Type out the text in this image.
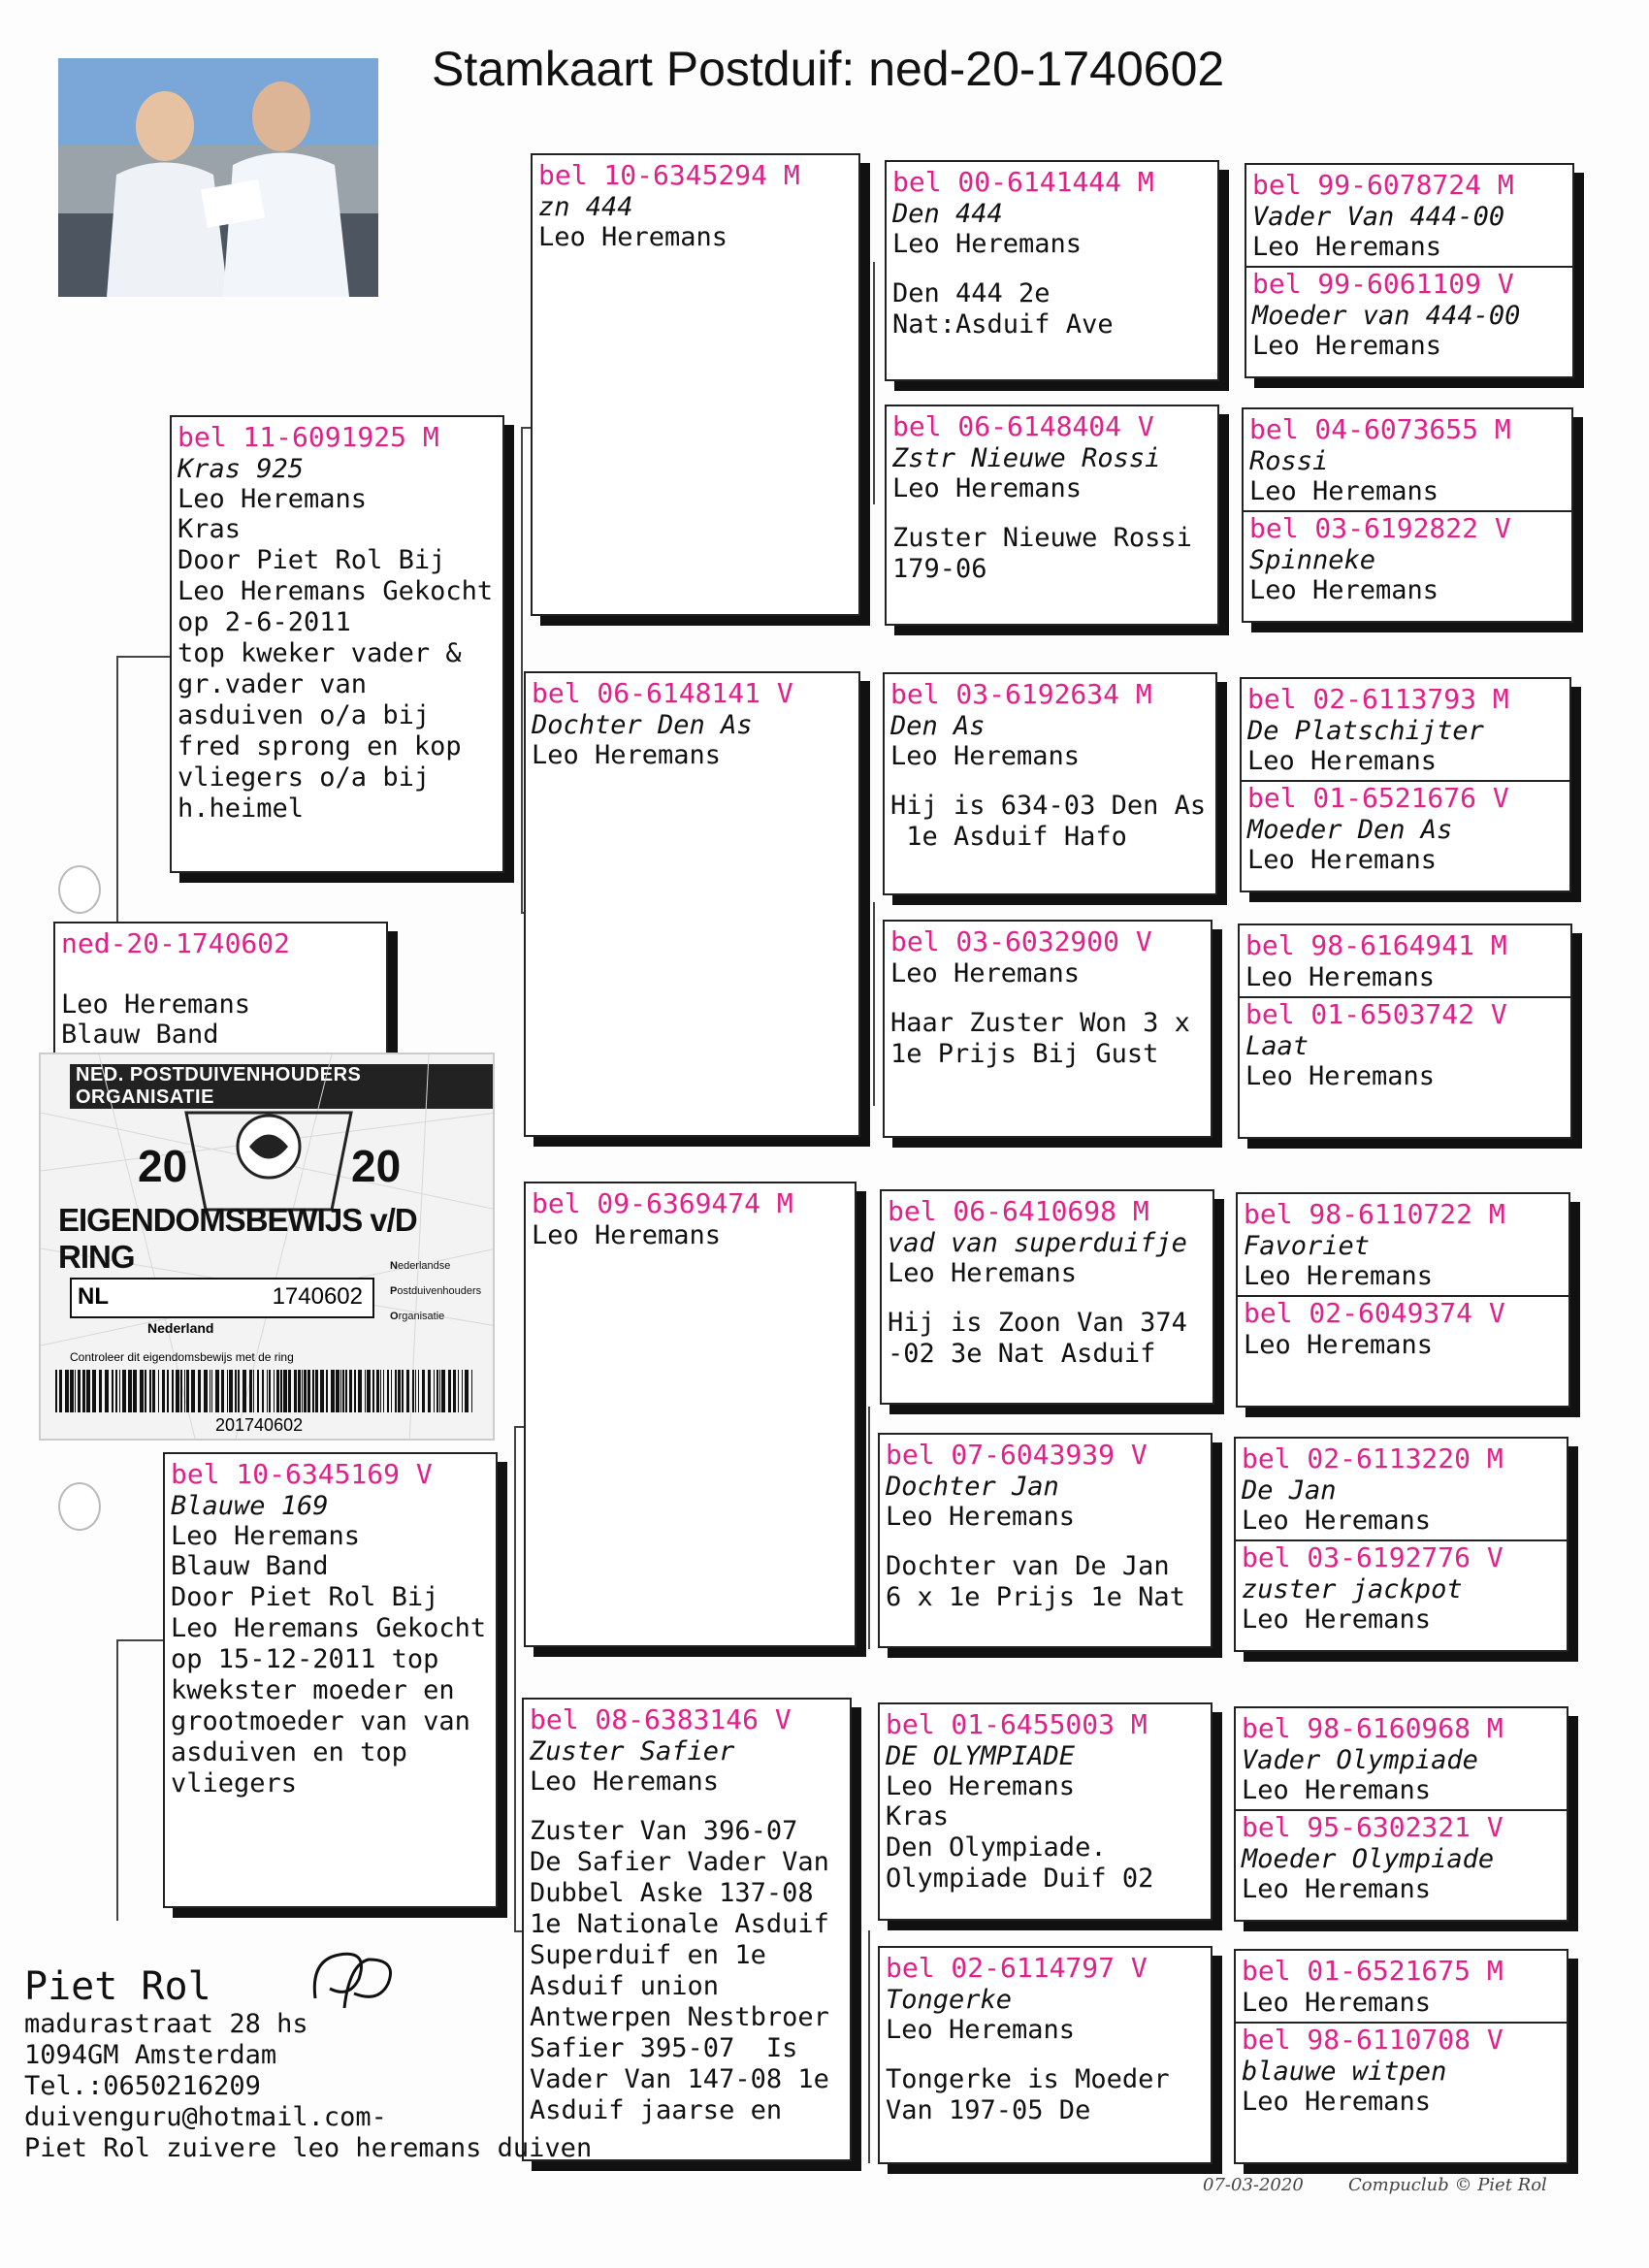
Stamkaart Postduif: ned-20-1740602
ned-20-1740602
Leo Heremans
Blauw Band
bel 11-6091925 M
Kras 925
Leo Heremans
Kras
Door Piet Rol Bij
Leo Heremans Gekocht
op 2-6-2011
top kweker vader &
gr.vader van
asduiven o/a bij
fred sprong en kop
vliegers o/a bij
h.heimel
bel 10-6345169 V
Blauwe 169
Leo Heremans
Blauw Band
Door Piet Rol Bij
Leo Heremans Gekocht
op 15-12-2011 top
kwekster moeder en
grootmoeder van van
asduiven en top
vliegers
bel 10-6345294 M
zn 444
Leo Heremans
bel 06-6148141 V
Dochter Den As
Leo Heremans
bel 09-6369474 M
Leo Heremans
bel 08-6383146 V
Zuster Safier
Leo Heremans
Zuster Van 396-07
De Safier Vader Van
Dubbel Aske 137-08
1e Nationale Asduif
Superduif en 1e
Asduif union
Antwerpen Nestbroer
Safier 395-07  Is
Vader Van 147-08 1e
Asduif jaarse en
bel 00-6141444 M
Den 444
Leo Heremans
Den 444 2e
Nat:Asduif Ave
bel 06-6148404 V
Zstr Nieuwe Rossi
Leo Heremans
Zuster Nieuwe Rossi
179-06
bel 03-6192634 M
Den As
Leo Heremans
Hij is 634-03 Den As
1e Asduif Hafo
bel 03-6032900 V
Leo Heremans
Haar Zuster Won 3 x
1e Prijs Bij Gust
bel 06-6410698 M
vad van superduifje
Leo Heremans
Hij is Zoon Van 374
-02 3e Nat Asduif
bel 07-6043939 V
Dochter Jan
Leo Heremans
Dochter van De Jan
6 x 1e Prijs 1e Nat
bel 01-6455003 M
DE OLYMPIADE
Leo Heremans
Kras
Den Olympiade.
Olympiade Duif 02
bel 02-6114797 V
Tongerke
Leo Heremans
Tongerke is Moeder
Van 197-05 De
bel 99-6078724 M
Vader Van 444-00
Leo Heremans
bel 99-6061109 V
Moeder van 444-00
Leo Heremans
bel 04-6073655 M
Rossi
Leo Heremans
bel 03-6192822 V
Spinneke
Leo Heremans
bel 02-6113793 M
De Platschijter
Leo Heremans
bel 01-6521676 V
Moeder Den As
Leo Heremans
bel 98-6164941 M
Leo Heremans
bel 01-6503742 V
Laat
Leo Heremans
bel 98-6110722 M
Favoriet
Leo Heremans
bel 02-6049374 V
Leo Heremans
bel 02-6113220 M
De Jan
Leo Heremans
bel 03-6192776 V
zuster jackpot
Leo Heremans
bel 98-6160968 M
Vader Olympiade
Leo Heremans
bel 95-6302321 V
Moeder Olympiade
Leo Heremans
bel 01-6521675 M
Leo Heremans
bel 98-6110708 V
blauwe witpen
Leo Heremans
NED. POSTDUIVENHOUDERS ORGANISATIE
20	20
EIGENDOMSBEWIJS v/D RING
NL	1740602
Nederlandse
Postduivenhouders
Organisatie
Nederland
Controleer dit eigendomsbewijs met de ring
201740602
Piet Rol
madurastraat 28 hs
1094GM Amsterdam
Tel.:0650216209
duivenguru@hotmail.com-
Piet Rol zuivere leo heremans duiven
07-03-2020	Compuclub © Piet Rol
